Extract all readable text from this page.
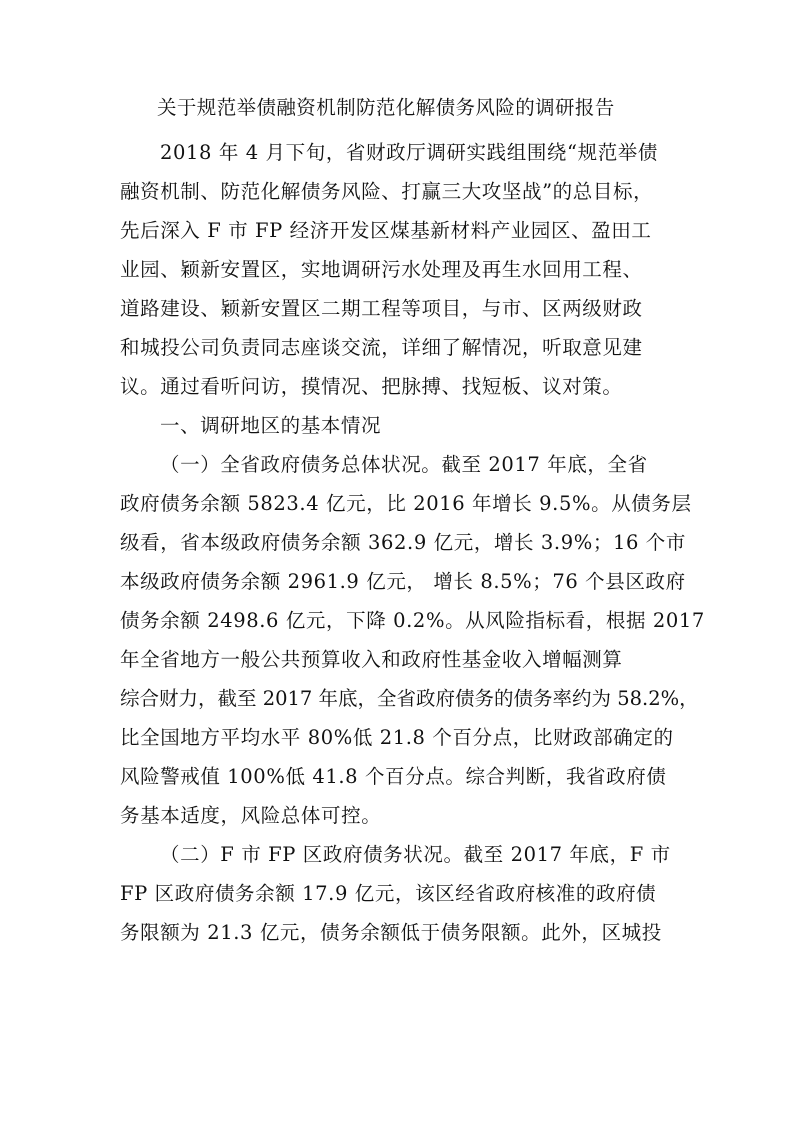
关于规范举债融资机制防范化解债务风险的调研报告
2018 年 4 月下旬，省财政厅调研实践组围绕“规范举债
融资机制、防范化解债务风险、打赢三大攻坚战”的总目标，
先后深入 F 市 FP 经济开发区煤基新材料产业园区、盈田工
业园、颖新安置区，实地调研污水处理及再生水回用工程、
道路建设、颖新安置区二期工程等项目，与市、区两级财政
和城投公司负责同志座谈交流，详细了解情况，听取意见建
议。通过看听问访，摸情况、把脉搏、找短板、议对策。
一、调研地区的基本情况
（一）全省政府债务总体状况。截至 2017 年底，全省
政府债务余额 5823.4 亿元，比 2016 年增长 9.5%。从债务层
级看，省本级政府债务余额 362.9 亿元，增长 3.9%；16 个市
本级政府债务余额 2961.9 亿元， 增长 8.5%；76 个县区政府
债务余额 2498.6 亿元，下降 0.2%。从风险指标看，根据 2017
年全省地方一般公共预算收入和政府性基金收入增幅测算
综合财力，截至 2017 年底，全省政府债务的债务率约为 58.2%，
比全国地方平均水平 80%低 21.8 个百分点，比财政部确定的
风险警戒值 100%低 41.8 个百分点。综合判断，我省政府债
务基本适度，风险总体可控。
（二）F 市 FP 区政府债务状况。截至 2017 年底，F 市
FP 区政府债务余额 17.9 亿元，该区经省政府核准的政府债
务限额为 21.3 亿元，债务余额低于债务限额。此外，区城投
